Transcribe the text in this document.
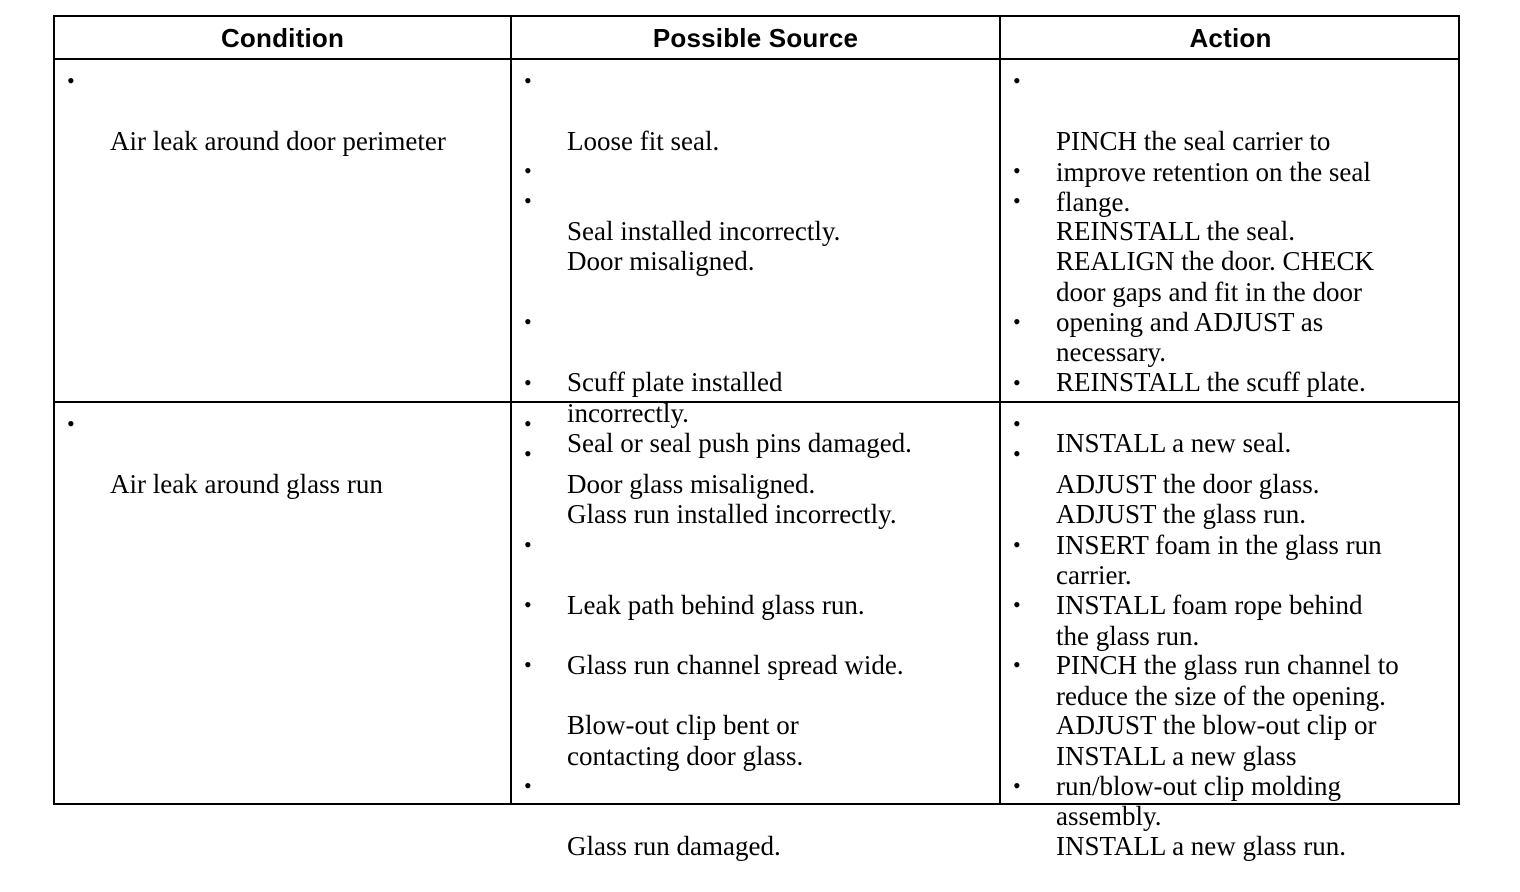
Condition	Possible Source	Action

•

Air leak around door perimeter

•

Loose fit seal.

•

Seal installed incorrectly.

•

Door misaligned.

•

Scuff plate installed
incorrectly.

•

Seal or seal push pins damaged.

•

PINCH the seal carrier to
improve retention on the seal
flange.

•

REINSTALL the seal.

•

REALIGN the door. CHECK
door gaps and fit in the door
opening and ADJUST as
necessary.

•

REINSTALL the scuff plate.

•

INSTALL a new seal.

•

Air leak around glass run

•

Door glass misaligned.

•

Glass run installed incorrectly.

•

Leak path behind glass run.

•

Glass run channel spread wide.

•

Blow-out clip bent or
contacting door glass.

•

Glass run damaged.

•

ADJUST the door glass.

•

ADJUST the glass run.
INSERT foam in the glass run
carrier.

•

INSTALL foam rope behind
the glass run.

•

PINCH the glass run channel to
reduce the size of the opening.

•

ADJUST the blow-out clip or
INSTALL a new glass
run/blow-out clip molding
assembly.

•

INSTALL a new glass run.
